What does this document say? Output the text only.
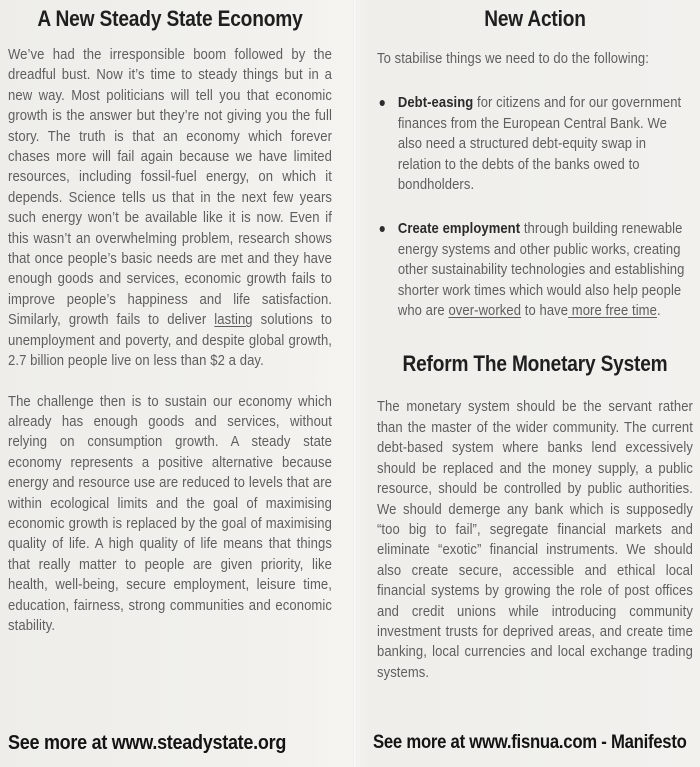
A New Steady State Economy

We’ve had the irresponsible boom followed by the dreadful bust. Now it’s time to steady things but in a new way. Most politicians will tell you that economic growth is the answer but they’re not giving you the full story. The truth is that an economy which forever chases more will fail again because we have limited resources, including fossil-fuel energy, on which it depends. Science tells us that in the next few years such energy won’t be available like it is now. Even if this wasn’t an overwhelming problem, research shows that once people’s basic needs are met and they have enough goods and services, economic growth fails to improve people’s happiness and life satisfaction. Similarly, growth fails to deliver lasting solutions to unemployment and poverty, and despite global growth, 2.7 billion people live on less than $2 a day.

The challenge then is to sustain our economy which already has enough goods and services, without relying on consumption growth. A steady state economy represents a positive alternative because energy and resource use are reduced to levels that are within ecological limits and the goal of maximising economic growth is replaced by the goal of maximising quality of life. A high quality of life means that things that really matter to people are given priority, like health, well-being, secure employment, leisure time, education, fairness, strong communities and economic stability.

New Action

To stabilise things we need to do the following:

Debt-easing for citizens and for our government finances from the European Central Bank. We also need a structured debt-equity swap in relation to the debts of the banks owed to bondholders.
Create employment through building renewable energy systems and other public works, creating other sustainability technologies and establishing shorter work times which would also help people who are over-worked to have more free time.
Reform The Monetary System

The monetary system should be the servant rather than the master of the wider community. The current debt-based system where banks lend excessively should be replaced and the money supply, a public resource, should be controlled by public authorities. We should demerge any bank which is supposedly “too big to fail”, segregate financial markets and eliminate “exotic” financial instruments. We should also create secure, accessible and ethical local financial systems by growing the role of post offices and credit unions while introducing community investment trusts for deprived areas, and create time banking, local currencies and local exchange trading systems.

See more at www.steadystate.org	See more at www.fisnua.com - Manifesto
